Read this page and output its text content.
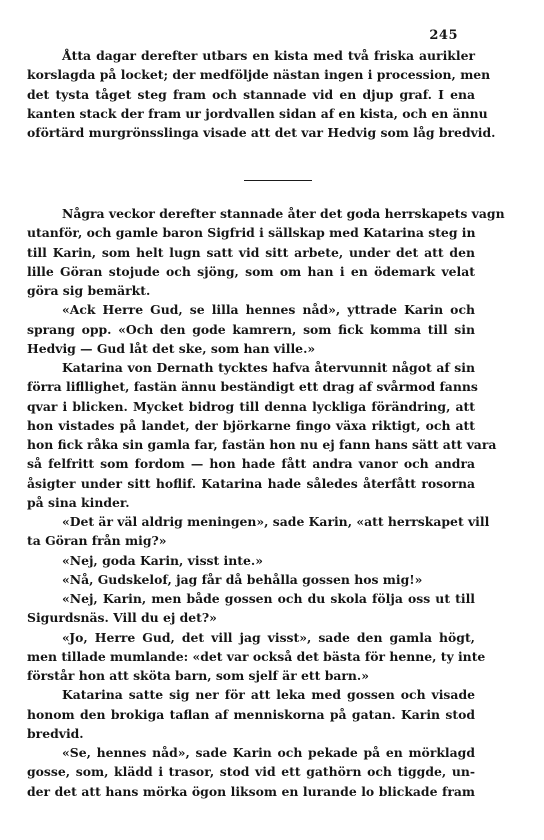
245
Åtta dagar derefter utbars en kista med två friska aurikler
korslagda på locket; der medföljde nästan ingen i procession, men
det tysta tåget steg fram och stannade vid en djup graf. I ena
kanten stack der fram ur jordvallen sidan af en kista, och en ännu
oförtärd murgrönsslinga visade att det var Hedvig som låg bredvid.
Några veckor derefter stannade åter det goda herrskapets vagn
utanför, och gamle baron Sigfrid i sällskap med Katarina steg in
till Karin, som helt lugn satt vid sitt arbete, under det att den
lille Göran stojude och sjöng, som om han i en ödemark velat
göra sig bemärkt.
«Ack Herre Gud, se lilla hennes nåd», yttrade Karin och
sprang opp. «Och den gode kamrern, som fick komma till sin
Hedvig — Gud låt det ske, som han ville.»
Katarina von Dernath tycktes hafva återvunnit något af sin
förra lifllighet, fastän ännu beständigt ett drag af svårmod fanns
qvar i blicken. Mycket bidrog till denna lyckliga förändring, att
hon vistades på landet, der björkarne fingo växa riktigt, och att
hon fick råka sin gamla far, fastän hon nu ej fann hans sätt att vara
så felfritt som fordom — hon hade fått andra vanor och andra
åsigter under sitt hoflif. Katarina hade således återfått rosorna
på sina kinder.
«Det är väl aldrig meningen», sade Karin, «att herrskapet vill
ta Göran från mig?»
«Nej, goda Karin, visst inte.»
«Nå, Gudskelof, jag får då behålla gossen hos mig!»
«Nej, Karin, men både gossen och du skola följa oss ut till
Sigurdsnäs. Vill du ej det?»
«Jo, Herre Gud, det vill jag visst», sade den gamla högt,
men tillade mumlande: «det var också det bästa för henne, ty inte
förstår hon att sköta barn, som sjelf är ett barn.»
Katarina satte sig ner för att leka med gossen och visade
honom den brokiga taflan af menniskorna på gatan. Karin stod
bredvid.
«Se, hennes nåd», sade Karin och pekade på en mörklagd
gosse, som, klädd i trasor, stod vid ett gathörn och tiggde, un-
der det att hans mörka ögon liksom en lurande lo blickade fram
